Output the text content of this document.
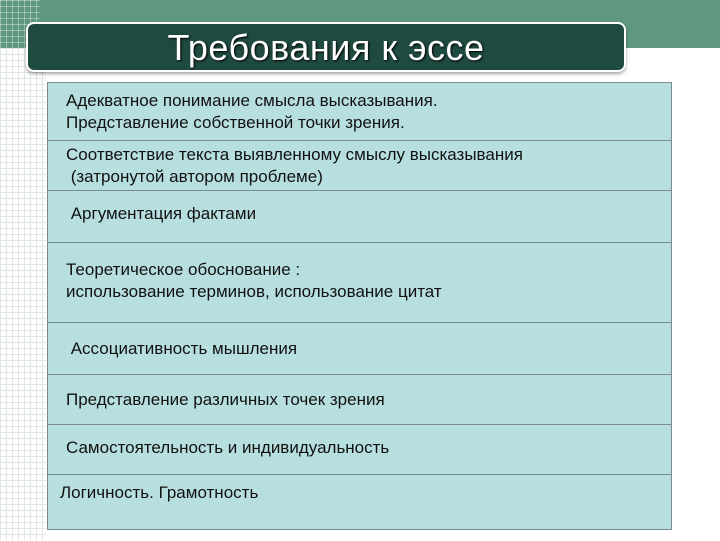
Требования к эссе

Адекватное понимание смысла высказывания.
Представление собственной точки зрения.

Соответствие текста выявленному смыслу высказывания
(затронутой автором проблеме)

Аргументация фактами

Теоретическое обоснование :
использование терминов, использование цитат

Ассоциативность мышления

Представление различных точек зрения

Самостоятельность и индивидуальность

Логичность. Грамотность
